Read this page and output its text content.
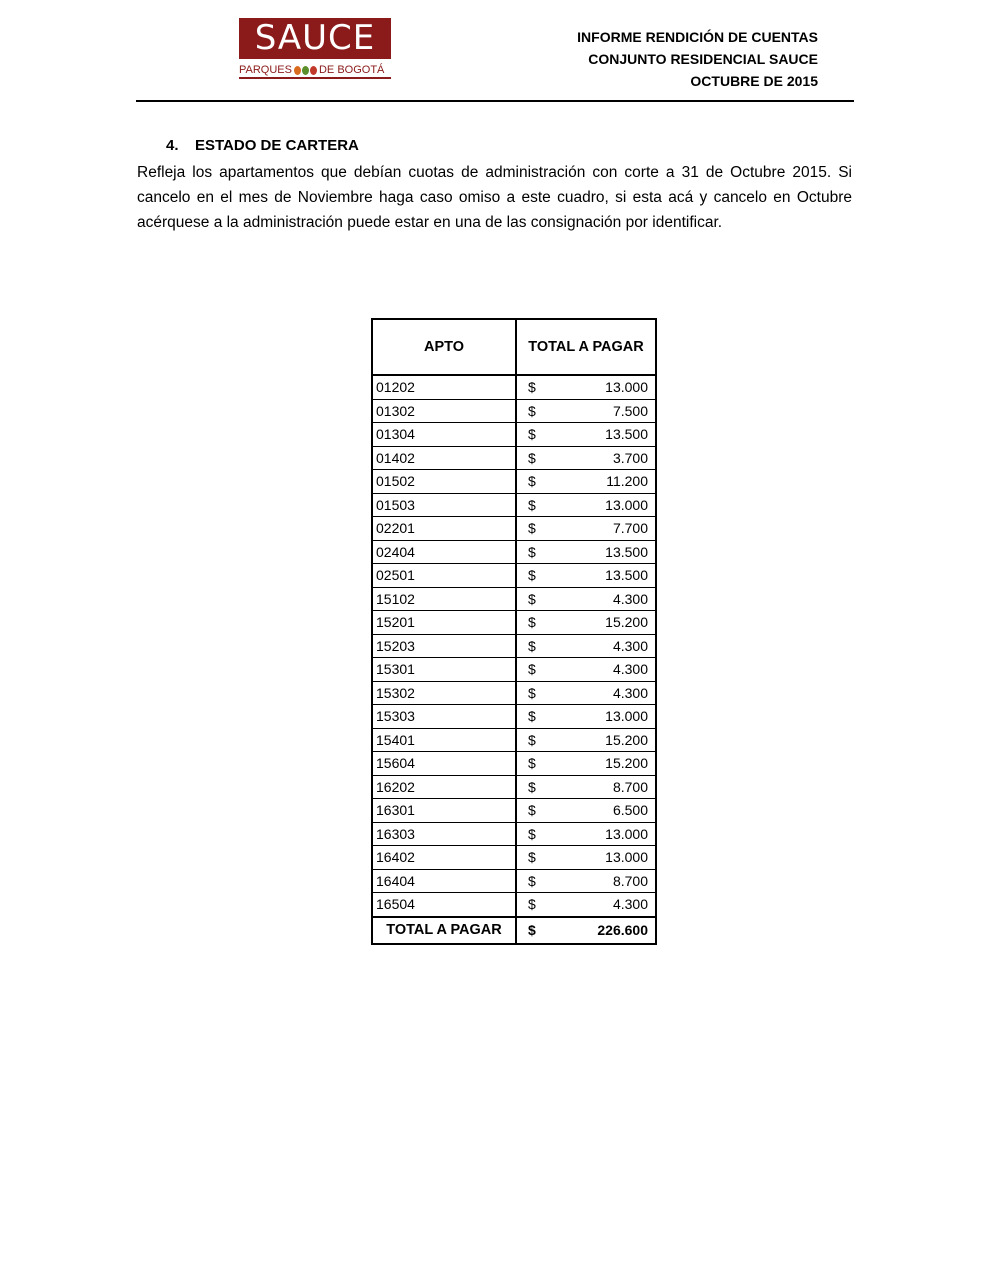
SAUCE
PARQUES DE BOGOTÁ
INFORME RENDICIÓN DE CUENTAS
CONJUNTO RESIDENCIAL SAUCE
OCTUBRE DE 2015
4. ESTADO DE CARTERA
Refleja los apartamentos que debían cuotas de administración con corte a 31 de Octubre 2015. Si cancelo en el mes de Noviembre haga caso omiso a este cuadro, si esta acá y cancelo en Octubre acérquese a la administración puede estar en una de las consignación por identificar.
APTO	TOTAL A PAGAR
01202	$ 13.000

01302	$ 7.500

01304	$ 13.500

01402	$ 3.700

01502	$ 11.200

01503	$ 13.000

02201	$ 7.700

02404	$ 13.500

02501	$ 13.500

15102	$ 4.300

15201	$ 15.200

15203	$ 4.300

15301	$ 4.300

15302	$ 4.300

15303	$ 13.000

15401	$ 15.200

15604	$ 15.200

16202	$ 8.700

16301	$ 6.500

16303	$ 13.000

16402	$ 13.000

16404	$ 8.700

16504	$ 4.300

TOTAL A PAGAR	$ 226.600
